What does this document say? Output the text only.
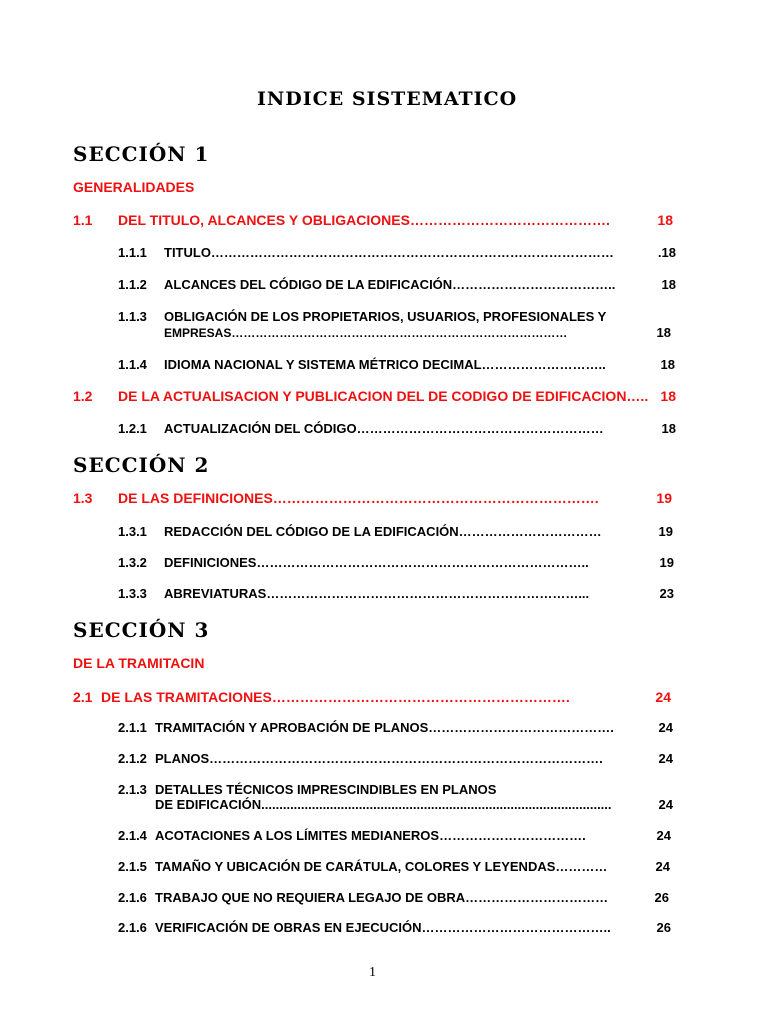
INDICE SISTEMATICO
SECCIÓN 1
GENERALIDADES
1.1	DEL TITULO, ALCANCES Y OBLIGACIONES…………………………………….	18
1.1.1	TITULO…………………………………………………………………………………	.18
1.1.2	ALCANCES DEL CÓDIGO DE LA EDIFICACIÓN………………………………..	18
1.1.3	OBLIGACIÓN DE LOS PROPIETARIOS, USUARIOS, PROFESIONALES Y
EMPRESAS…………………………………………………………………………	18
1.1.4	IDIOMA NACIONAL Y SISTEMA MÉTRICO DECIMAL………………………..	18
1.2	DE LA ACTUALISACION Y PUBLICACION DEL DE CODIGO DE EDIFICACION….. 18
1.2.1	ACTUALIZACIÓN DEL CÓDIGO…………………………………………………	18
SECCIÓN 2
1.3	DE LAS DEFINICIONES…………………………………………………………….	19
1.3.1	REDACCIÓN DEL CÓDIGO DE LA EDIFICACIÓN……………………………	19
1.3.2	DEFINICIONES…………………………………………………………………..	19
1.3.3	ABREVIATURAS………………………………………………………………...	23
SECCIÓN 3
DE LA TRAMITACIN
2.1 DE LAS TRAMITACIONES……………………………………………………….	24
2.1.1 TRAMITACIÓN Y APROBACIÓN DE PLANOS…………………………………….	24
2.1.2 PLANOS……………………………………………………………………………….	24
2.1.3 DETALLES TÉCNICOS IMPRESCINDIBLES EN PLANOS
DE EDIFICACIÓN.................................................................................................	24
2.1.4 ACOTACIONES A LOS LÍMITES MEDIANEROS…………………………….	24
2.1.5 TAMAÑO Y UBICACIÓN DE CARÁTULA, COLORES Y LEYENDAS…………	24
2.1.6 TRABAJO QUE NO REQUIERA LEGAJO DE OBRA……………………………	26
2.1.6 VERIFICACIÓN DE OBRAS EN EJECUCIÓN……………………………………..	26
1
